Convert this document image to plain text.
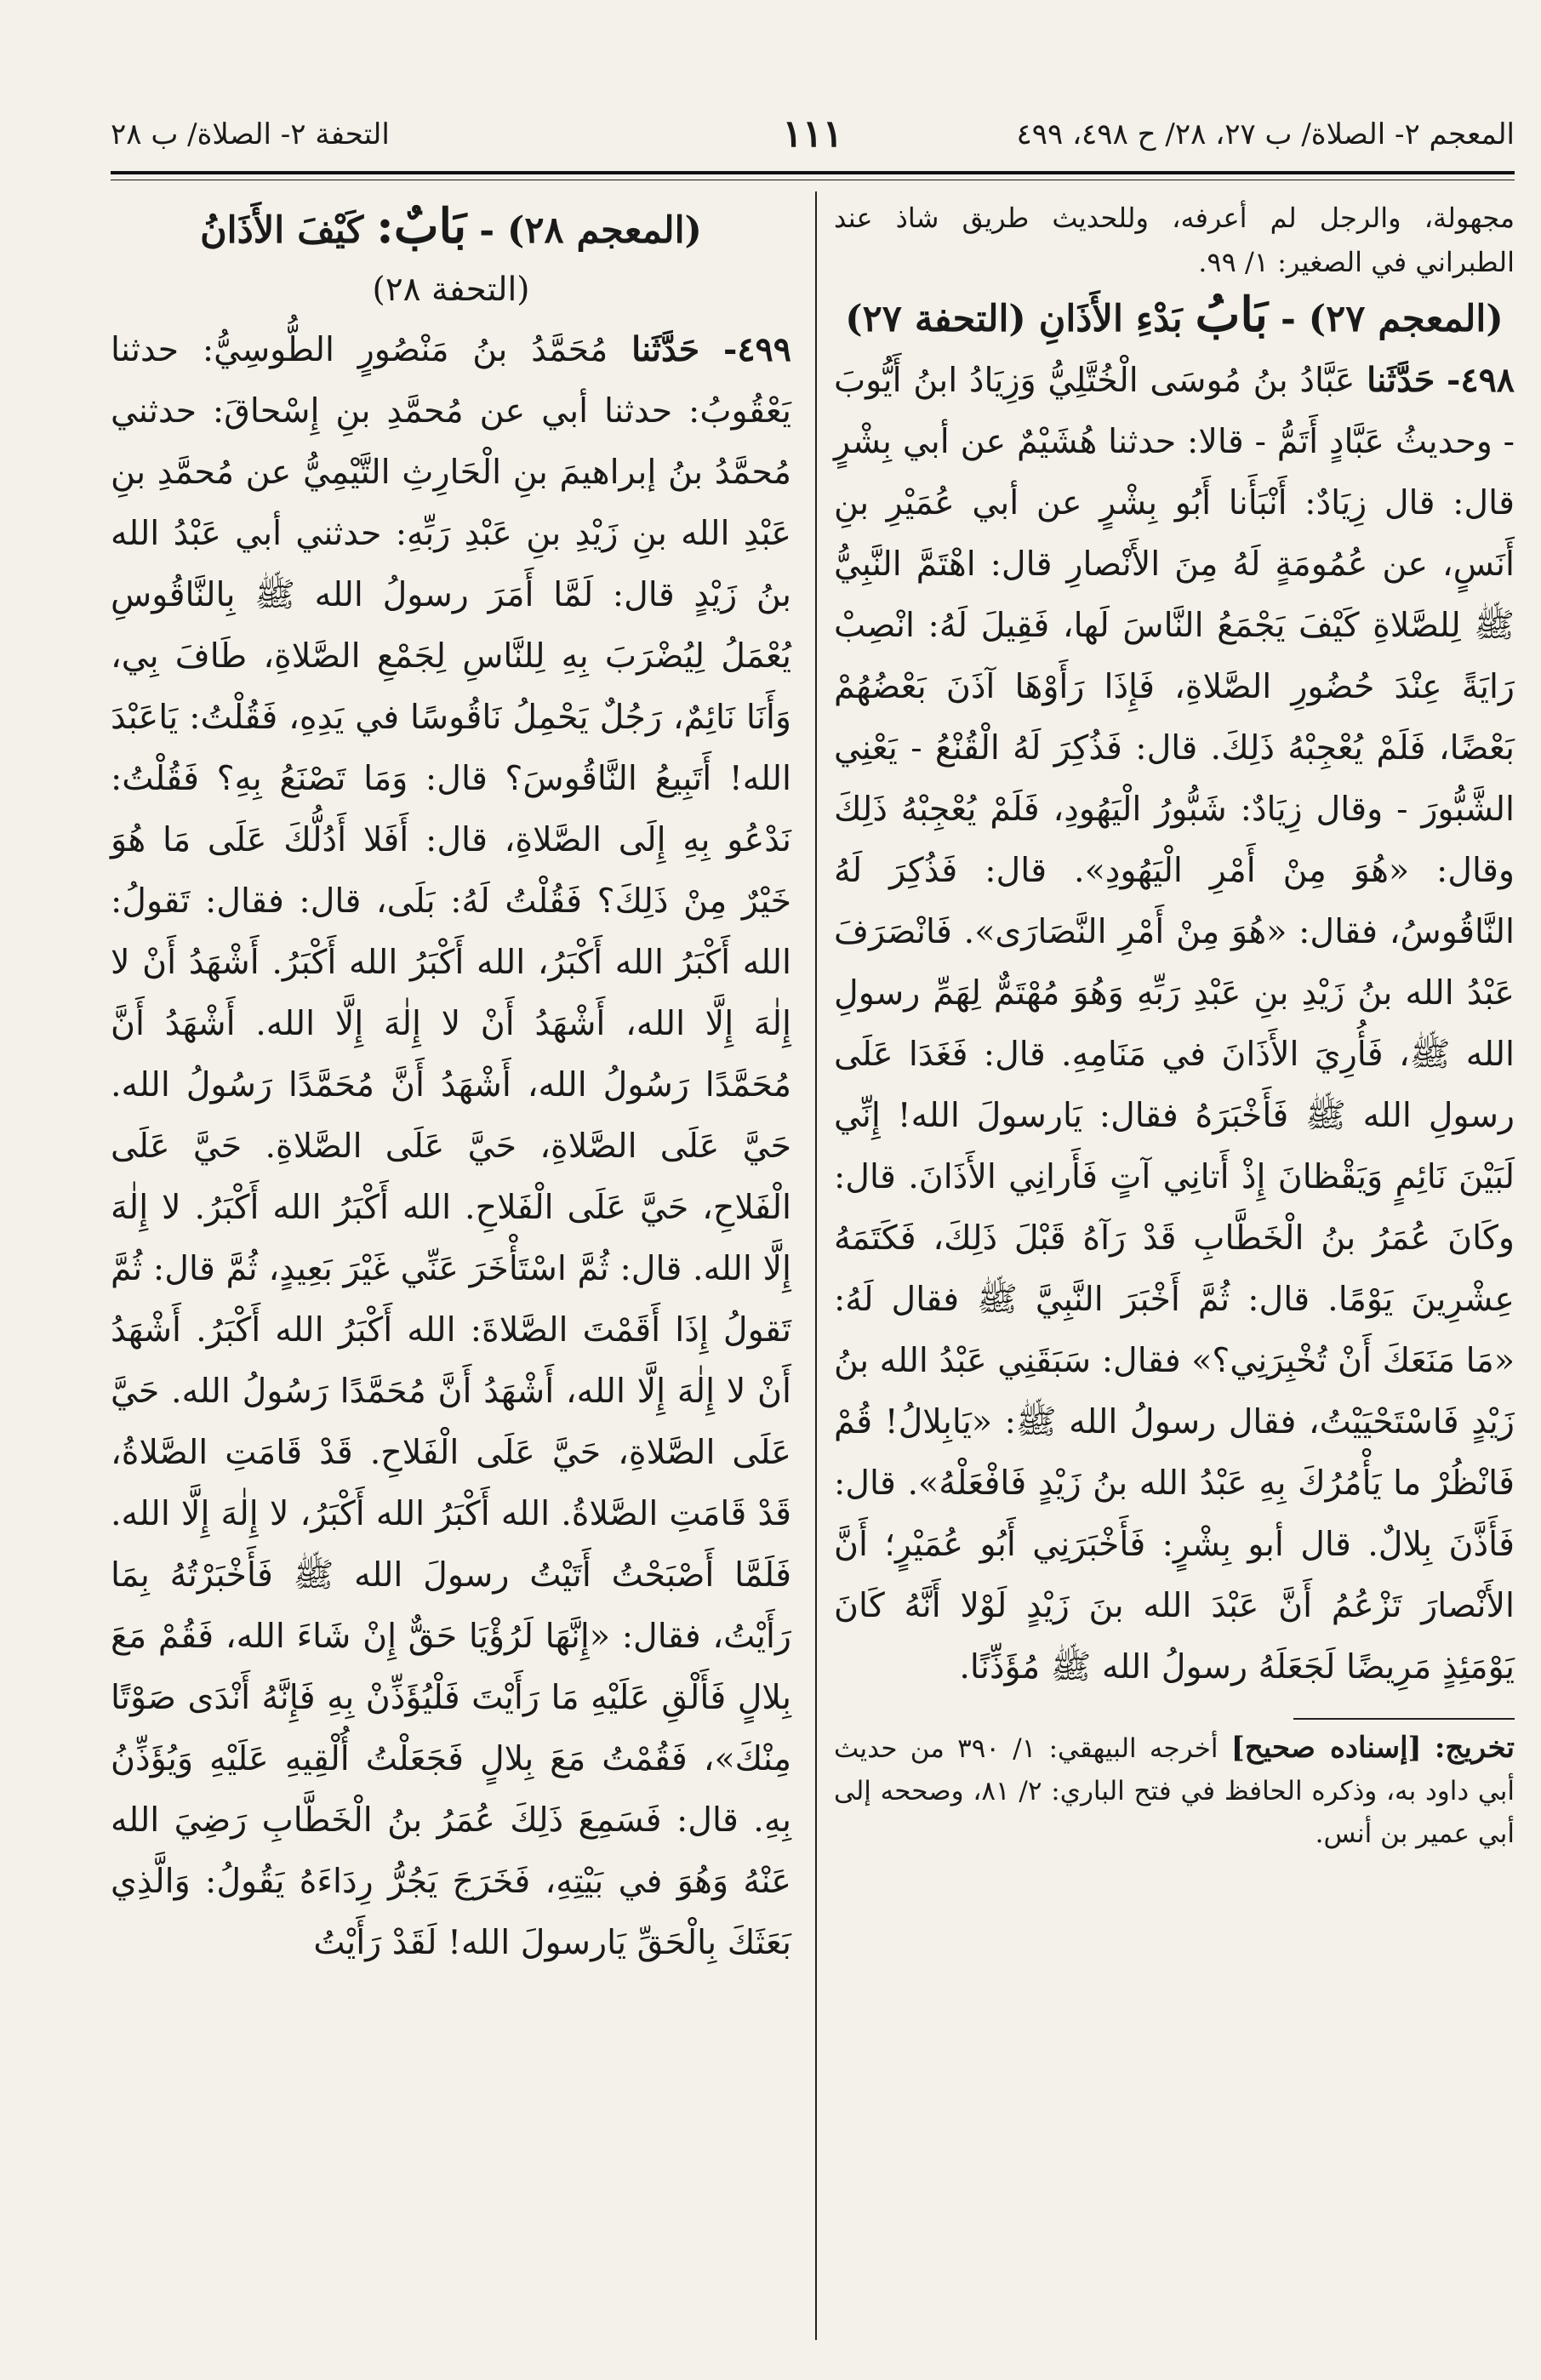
المعجم ٢- الصلاة/ ب ٢٧، ٢٨/ ح ٤٩٨، ٤٩٩
١١١
التحفة ٢- الصلاة/ ب ٢٨

مجهولة، والرجل لم أعرفه، وللحديث طريق شاذ عند الطبراني في الصغير: ١/ ٩٩.

(المعجم ٢٧) - بَابُ بَدْءِ الأَذَانِ (التحفة ٢٧)

٤٩٨- حَدَّثَنا عَبَّادُ بنُ مُوسَى الْخُتَّلِيُّ وَزِيَادُ ابنُ أَيُّوبَ - وحديثُ عَبَّادٍ أَتَمُّ - قالا: حدثنا هُشَيْمٌ عن أبي بِشْرٍ قال: قال زِيَادٌ: أَنْبَأَنا أَبُو بِشْرٍ عن أبي عُمَيْرِ بنِ أَنَسٍ، عن عُمُومَةٍ لَهُ مِنَ الأَنْصارِ قال: اهْتَمَّ النَّبِيُّ ﷺ لِلصَّلاةِ كَيْفَ يَجْمَعُ النَّاسَ لَها، فَقِيلَ لَهُ: انْصِبْ رَايَةً عِنْدَ حُضُورِ الصَّلاةِ، فَإِذَا رَأَوْهَا آذَنَ بَعْضُهُمْ بَعْضًا، فَلَمْ يُعْجِبْهُ ذَلِكَ. قال: فَذُكِرَ لَهُ الْقُنْعُ - يَعْنِي الشَّبُّورَ - وقال زِيَادٌ: شَبُّورُ الْيَهُودِ، فَلَمْ يُعْجِبْهُ ذَلِكَ وقال: «هُوَ مِنْ أَمْرِ الْيَهُودِ». قال: فَذُكِرَ لَهُ النَّاقُوسُ، فقال: «هُوَ مِنْ أَمْرِ النَّصَارَى». فَانْصَرَفَ عَبْدُ الله بنُ زَيْدِ بنِ عَبْدِ رَبِّهِ وَهُوَ مُهْتَمٌّ لِهَمِّ رسولِ الله ﷺ، فَأُرِيَ الأَذَانَ في مَنَامِهِ. قال: فَغَدَا عَلَى رسولِ الله ﷺ فَأَخْبَرَهُ فقال: يَارسولَ الله! إِنِّي لَبَيْنَ نَائِمٍ وَيَقْظانَ إِذْ أَتانِي آتٍ فَأَرانِي الأَذَانَ. قال: وكَانَ عُمَرُ بنُ الْخَطَّابِ قَدْ رَآهُ قَبْلَ ذَلِكَ، فَكَتَمَهُ عِشْرِينَ يَوْمًا. قال: ثُمَّ أَخْبَرَ النَّبِيَّ ﷺ فقال لَهُ: «مَا مَنَعَكَ أَنْ تُخْبِرَنِي؟» فقال: سَبَقَنِي عَبْدُ الله بنُ زَيْدٍ فَاسْتَحْيَيْتُ، فقال رسولُ الله ﷺ: «يَابِلالُ! قُمْ فَانْظُرْ ما يَأْمُرُكَ بِهِ عَبْدُ الله بنُ زَيْدٍ فَافْعَلْهُ». قال: فَأَذَّنَ بِلالٌ. قال أبو بِشْرٍ: فَأَخْبَرَنِي أَبُو عُمَيْرٍ؛ أَنَّ الأَنْصارَ تَزْعُمُ أَنَّ عَبْدَ الله بنَ زَيْدٍ لَوْلا أَنَّهُ كَانَ يَوْمَئِذٍ مَرِيضًا لَجَعَلَهُ رسولُ الله ﷺ مُؤَذِّنًا.

تخريج: [إسناده صحيح] أخرجه البيهقي: ١/ ٣٩٠ من حديث أبي داود به، وذكره الحافظ في فتح الباري: ٢/ ٨١، وصححه إلى أبي عمير بن أنس.

(المعجم ٢٨) - بَابٌ: كَيْفَ الأَذَانُ

(التحفة ٢٨)

٤٩٩- حَدَّثَنا مُحَمَّدُ بنُ مَنْصُورٍ الطُّوسِيُّ: حدثنا يَعْقُوبُ: حدثنا أبي عن مُحمَّدِ بنِ إِسْحاقَ: حدثني مُحمَّدُ بنُ إبراهيمَ بنِ الْحَارِثِ التَّيْمِيُّ عن مُحمَّدِ بنِ عَبْدِ الله بنِ زَيْدِ بنِ عَبْدِ رَبِّهِ: حدثني أبي عَبْدُ الله بنُ زَيْدٍ قال: لَمَّا أَمَرَ رسولُ الله ﷺ بِالنَّاقُوسِ يُعْمَلُ لِيُضْرَبَ بِهِ لِلنَّاسِ لِجَمْعِ الصَّلاةِ، طَافَ بِي، وَأَنَا نَائِمٌ، رَجُلٌ يَحْمِلُ نَاقُوسًا في يَدِهِ، فَقُلْتُ: يَاعَبْدَ الله! أَتَبِيعُ النَّاقُوسَ؟ قال: وَمَا تَصْنَعُ بِهِ؟ فَقُلْتُ: نَدْعُو بِهِ إِلَى الصَّلاةِ، قال: أَفَلا أَدُلُّكَ عَلَى مَا هُوَ خَيْرٌ مِنْ ذَلِكَ؟ فَقُلْتُ لَهُ: بَلَى، قال: فقال: تَقولُ: الله أَكْبَرُ الله أَكْبَرُ، الله أَكْبَرُ الله أَكْبَرُ. أَشْهَدُ أَنْ لا إِلٰهَ إِلَّا الله، أَشْهَدُ أَنْ لا إِلٰهَ إِلَّا الله. أَشْهَدُ أَنَّ مُحَمَّدًا رَسُولُ الله، أَشْهَدُ أَنَّ مُحَمَّدًا رَسُولُ الله. حَيَّ عَلَى الصَّلاةِ، حَيَّ عَلَى الصَّلاةِ. حَيَّ عَلَى الْفَلاحِ، حَيَّ عَلَى الْفَلاحِ. الله أَكْبَرُ الله أَكْبَرُ. لا إِلٰهَ إِلَّا الله. قال: ثُمَّ اسْتَأْخَرَ عَنِّي غَيْرَ بَعِيدٍ، ثُمَّ قال: ثُمَّ تَقولُ إِذَا أَقَمْتَ الصَّلاةَ: الله أَكْبَرُ الله أَكْبَرُ. أَشْهَدُ أَنْ لا إِلٰهَ إِلَّا الله، أَشْهَدُ أَنَّ مُحَمَّدًا رَسُولُ الله. حَيَّ عَلَى الصَّلاةِ، حَيَّ عَلَى الْفَلاحِ. قَدْ قَامَتِ الصَّلاةُ، قَدْ قَامَتِ الصَّلاةُ. الله أَكْبَرُ الله أَكْبَرُ، لا إِلٰهَ إِلَّا الله. فَلَمَّا أَصْبَحْتُ أَتَيْتُ رسولَ الله ﷺ فَأَخْبَرْتُهُ بِمَا رَأَيْتُ، فقال: «إِنَّهَا لَرُؤْيَا حَقٌّ إِنْ شَاءَ الله، فَقُمْ مَعَ بِلالٍ فَأَلْقِ عَلَيْهِ مَا رَأَيْتَ فَلْيُؤَذِّنْ بِهِ فَإِنَّهُ أَنْدَى صَوْتًا مِنْكَ»، فَقُمْتُ مَعَ بِلالٍ فَجَعَلْتُ أُلْقِيهِ عَلَيْهِ وَيُؤَذِّنُ بِهِ. قال: فَسَمِعَ ذَلِكَ عُمَرُ بنُ الْخَطَّابِ رَضِيَ الله عَنْهُ وَهُوَ في بَيْتِهِ، فَخَرَجَ يَجُرُّ رِدَاءَهُ يَقُولُ: وَالَّذِي بَعَثَكَ بِالْحَقِّ يَارسولَ الله! لَقَدْ رَأَيْتُ
